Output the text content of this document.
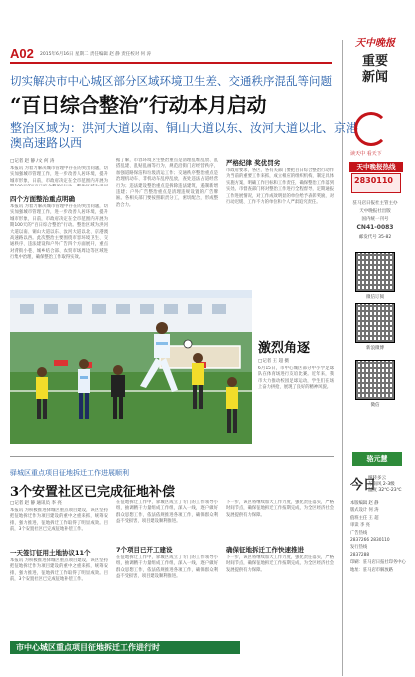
A02 2015年6月16日 星期二 责任编辑 赵 静 责任校对 何 涛
天中晚报
重要
新闻
切实解决市中心城区部分区域环境卫生差、交通秩序混乱等问题
“百日综合整治”行动本月启动
整治区域为：洪河大道以南、铜山大道以东、汝河大道以北、京港
澳高速路以西
□记者 赵 静 /文 何 涛
本报讯 为着力解决城市管理中存在的突出问题，切实加强城市管理工作，进一步改善人居环境，提升城市形象，日前，市政府决定在全市范围内开展为
四个方面整治重点明确
本报讯 为着力解决城市管理中存在的突出问题，切实加强城市管理工作，进一步改善人居环境，提升城市形象，日前，市政府决定在全市范围内开展为期100天的“百日综合整治”行动。整治区域为洪河大道以南、铜山大道以东、汝河大道以北、京港澳高速路以西。此次整治主要围绕市容环境卫生、交通秩序、违法建设和户外广告四个方面展开，重点对背街小巷、城乡结合部、农贸市场周边等区域进行集中治理，确保整治工作取得实效。
据了解，市容环境卫生整治重点是清理乱堆乱放、乱搭乱建、乱贴乱画等行为，规范沿街门店经营秩序，加强道路保洁和垃圾清运工作；交通秩序整治重点是治理机动车、非机动车乱停乱放，查处违法占道经营行为；违法建设整治重点是拆除违法建筑，遏制新增违建；户外广告整治重点是清理违规设置的广告牌匾。各相关部门要按照职责分工，密切配合，形成整治合力。
严格纪律 奖优罚劣
市政府要求，各区、各有关部门要把百日综合整治行动作为当前的重要工作来抓，成立相应的组织机构，制定具体实施方案，明确工作目标和工作责任，确保整治工作落到实处。市督查部门将对整治工作进行全程督导，定期通报工作进展情况，对工作成效明显的单位给予表彰奖励，对行动迟缓、工作不力的单位和个人严肃追究责任。
激烈角逐
□记者 王 超 摄
6月15日，市中心城区部分中小学足球队在体育场进行友谊比赛。近年来，我市大力推动校园足球运动，学生们在场上奋力拼抢，展现了良好的精神风貌。
驿城区重点项目征地拆迁工作进展顺利
3个安置社区已完成征地补偿
□记者 赵 静 通讯员 李 亮
本报讯 为积极推进驿城区重点项目建设，该区坚持把征地拆迁作为项目建设的重中之重来抓，统筹安排，强力推进，征地拆迁工作取得了明显成效。目前，3个安置社区已完成征地补偿工作。
一天签订征用土地协议11个
本报讯 为积极推进驿城区重点项目建设，该区坚持把征地拆迁作为项目建设的重中之重来抓，统筹安排，强力推进，征地拆迁工作取得了明显成效。目前，3个安置社区已完成征地补偿工作。
在征地拆迁工作中，驿城区成立了专门的工作领导小组，抽调精干力量组成工作组，深入一线，逐户做好群众思想工作，依法依规推进各项工作，确保群众利益不受损害，项目建设顺利推进。
7个项目已开工建设
在征地拆迁工作中，驿城区成立了专门的工作领导小组，抽调精干力量组成工作组，深入一线，逐户做好群众思想工作，依法依规推进各项工作，确保群众利益不受损害，项目建设顺利推进。
下一步，该区将继续加大工作力度，强化责任落实，严格时间节点，确保征地拆迁工作按期完成，为全区经济社会发展提供有力保障。
确保征地拆迁工作快速推进
下一步，该区将继续加大工作力度，强化责任落实，严格时间节点，确保征地拆迁工作按期完成，为全区经济社会发展提供有力保障。
市中心城区重点项目征地拆迁工作进行时
读天中 看天下
天中晚报热线
2830110
驻马店日报社主管主办
天中晚报社出版
国内统一刊号
CN41-0083
邮发代号 35-82
微信订阅
新浪微博
微信
骆元慧
今日
晴转多云
东南风 2-3级
温度 32℃-23℃
本版编辑 赵 静
版式设计 何 涛
值班主任 王 超
审读 李 亮
广告热线
2837266 2830110
发行热线
2837288
印刷：驻马店日报社印务中心
地址：驻马店市解放路
